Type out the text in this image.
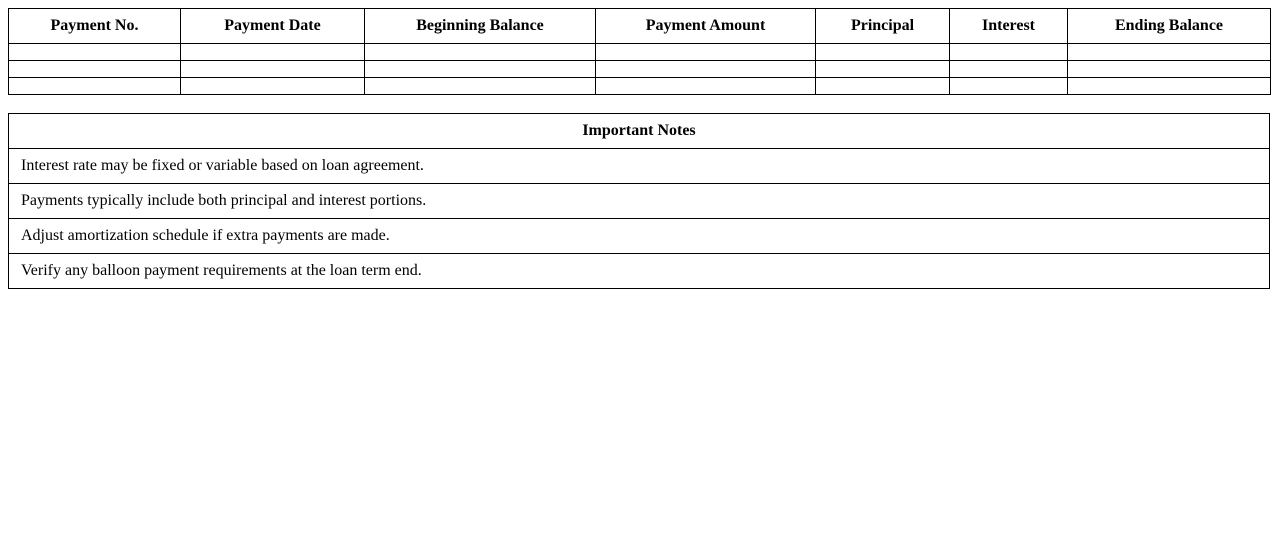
Payment No.	Payment Date	Beginning Balance	Payment Amount	Principal	Interest	Ending Balance

Important Notes
Interest rate may be fixed or variable based on loan agreement.
Payments typically include both principal and interest portions.
Adjust amortization schedule if extra payments are made.
Verify any balloon payment requirements at the loan term end.
